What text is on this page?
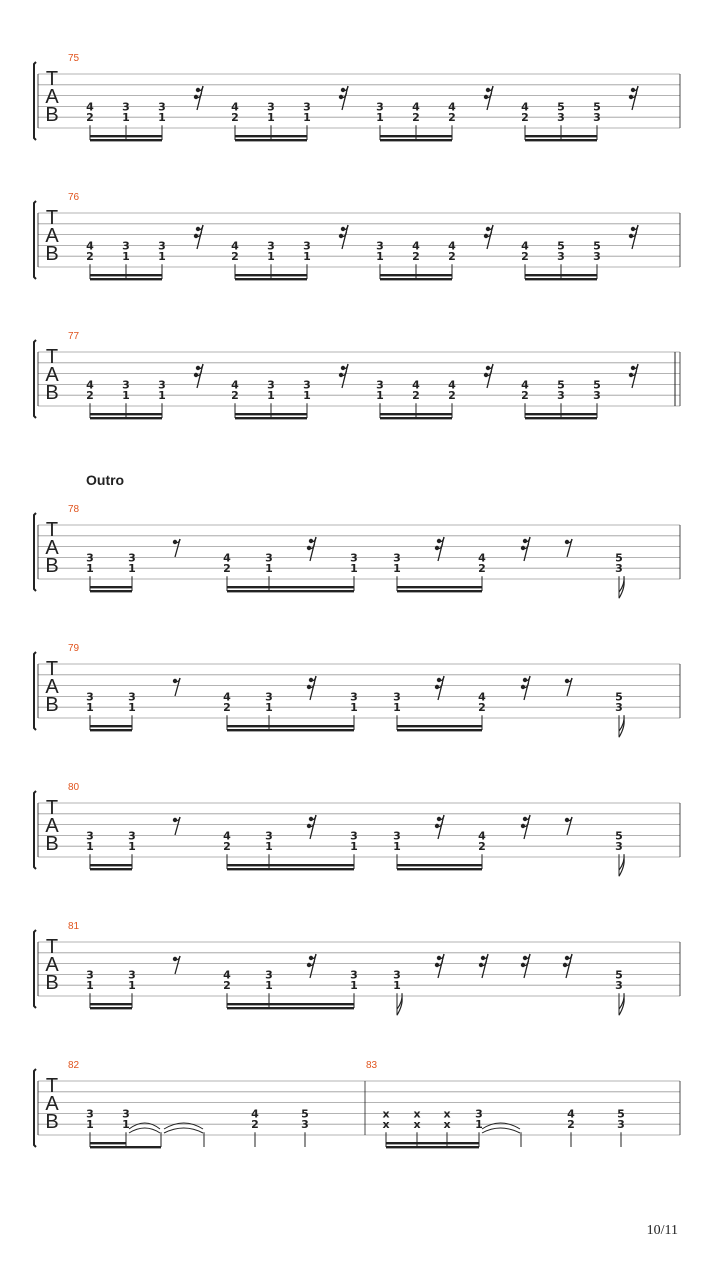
T
A
B	4
2
3
1
3
1
4
2
3
1
3
1
3
1
4
2
4
2
4
2
5
3
5
3
75
T
A
B	4
2
3
1
3
1
4
2
3
1
3
1
3
1
4
2
4
2
4
2
5
3
5
3
76
T
A
B	4
2
3
1
3
1
4
2
3
1
3
1
3
1
4
2
4
2
4
2
5
3
5
3
77
T
A
B	3
1
3
1
4
2
3
1
3
1
3
1
4
2
5
3
78
T
A
B	3
1
3
1
4
2
3
1
3
1
3
1
4
2
5
3
79
T
A
B	3
1
3
1
4
2
3
1
3
1
3
1
4
2
5
3
80
T
A
B	3
1
3
1
4
2
3
1
3
1
3
1
5
3
81
T
A
B	3
1
3
1
4
2
5
3
x
x
x
x
x
x
3
1
4
2
5
3
82	83
Outro
10/11
